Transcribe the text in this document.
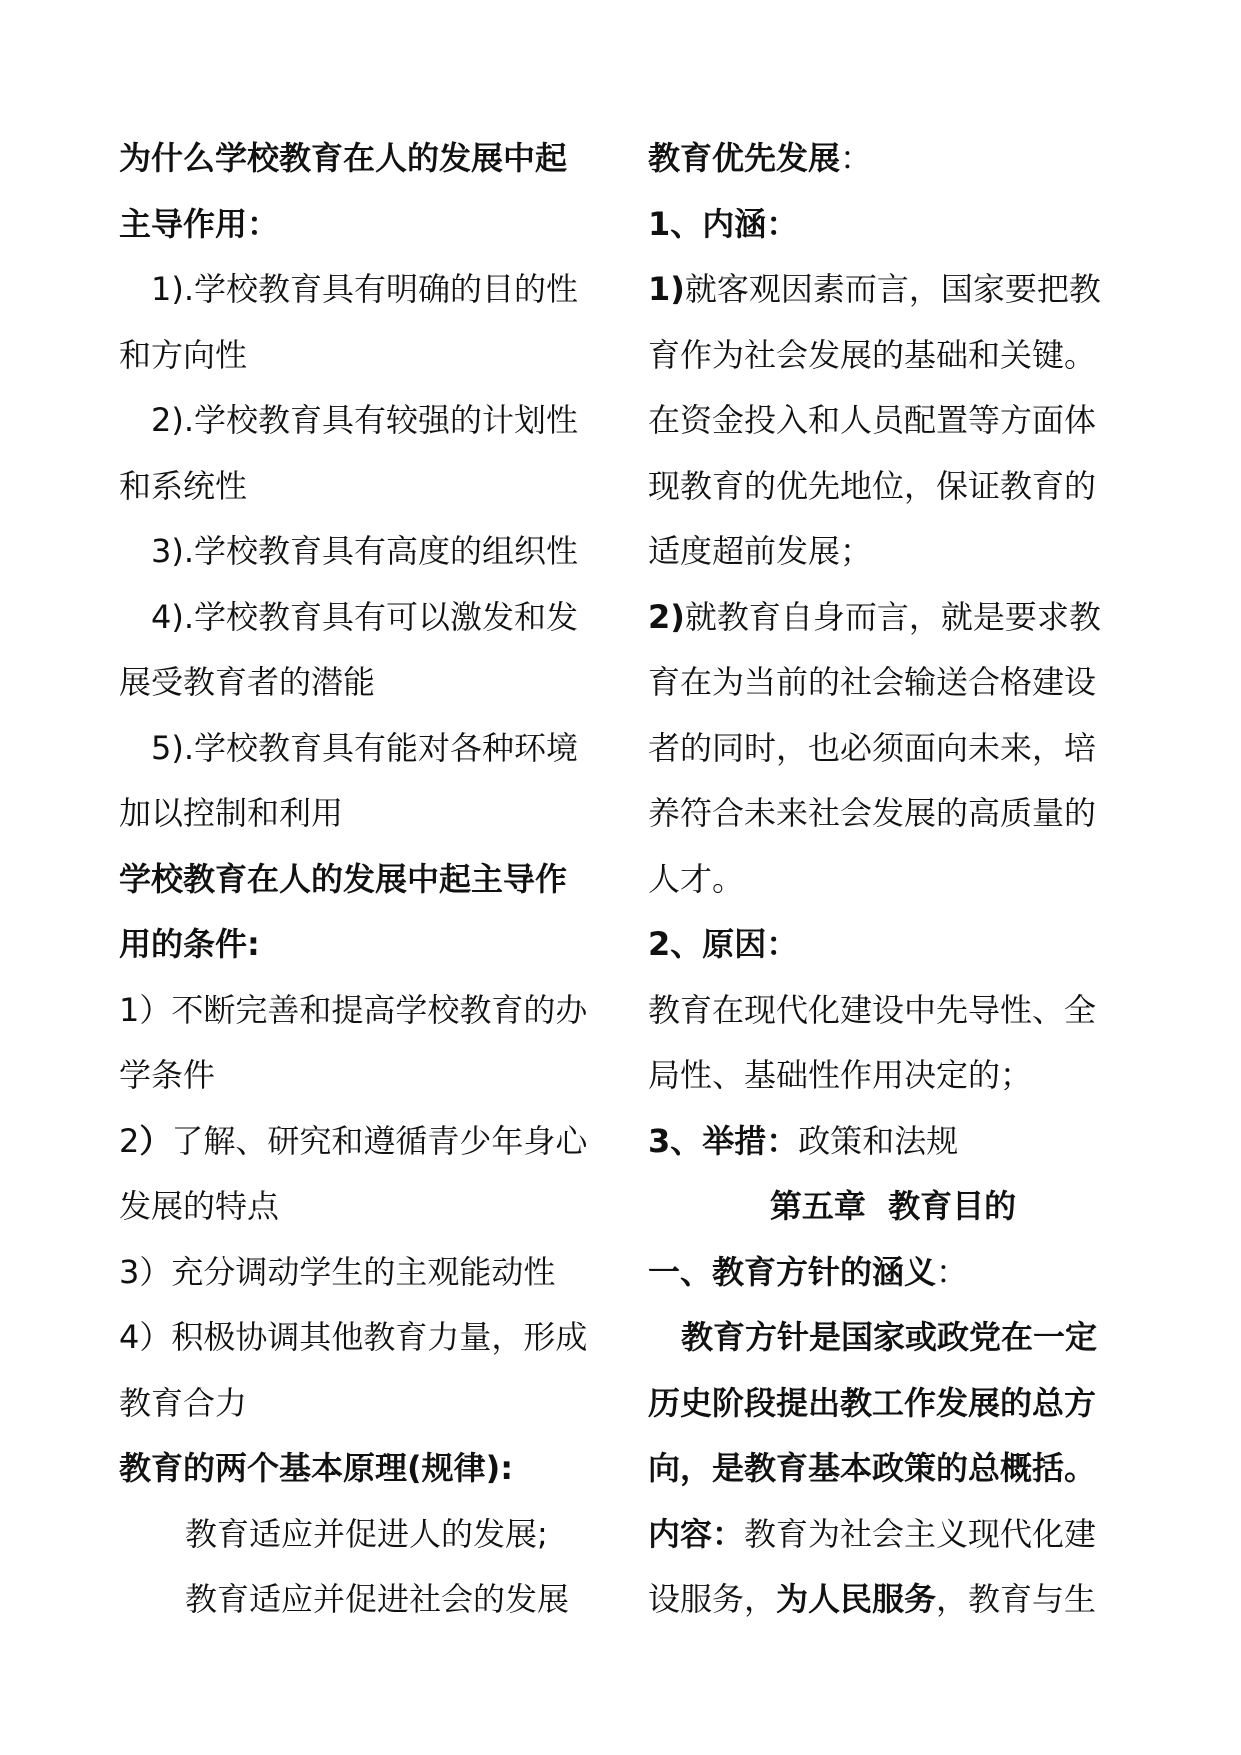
为什么学校教育在人的发展中起
主导作用：
1).学校教育具有明确的目的性
和方向性
2).学校教育具有较强的计划性
和系统性
3).学校教育具有高度的组织性
4).学校教育具有可以激发和发
展受教育者的潜能
5).学校教育具有能对各种环境
加以控制和利用
学校教育在人的发展中起主导作
用的条件:
1）不断完善和提高学校教育的办
学条件
2）了解、研究和遵循青少年身心
发展的特点
3）充分调动学生的主观能动性
4）积极协调其他教育力量，形成
教育合力
教育的两个基本原理(规律):
教育适应并促进人的发展;
教育适应并促进社会的发展
教育优先发展：
1、内涵：
1)就客观因素而言，国家要把教
育作为社会发展的基础和关键。
在资金投入和人员配置等方面体
现教育的优先地位，保证教育的
适度超前发展；
2)就教育自身而言，就是要求教
育在为当前的社会输送合格建设
者的同时，也必须面向未来，培
养符合未来社会发展的高质量的
人才。
2、原因：
教育在现代化建设中先导性、全
局性、基础性作用决定的；
3、举措：政策和法规
第五章  教育目的
一、教育方针的涵义：
教育方针是国家或政党在一定
历史阶段提出教工作发展的总方
向，是教育基本政策的总概括。
内容：教育为社会主义现代化建
设服务，为人民服务，教育与生
